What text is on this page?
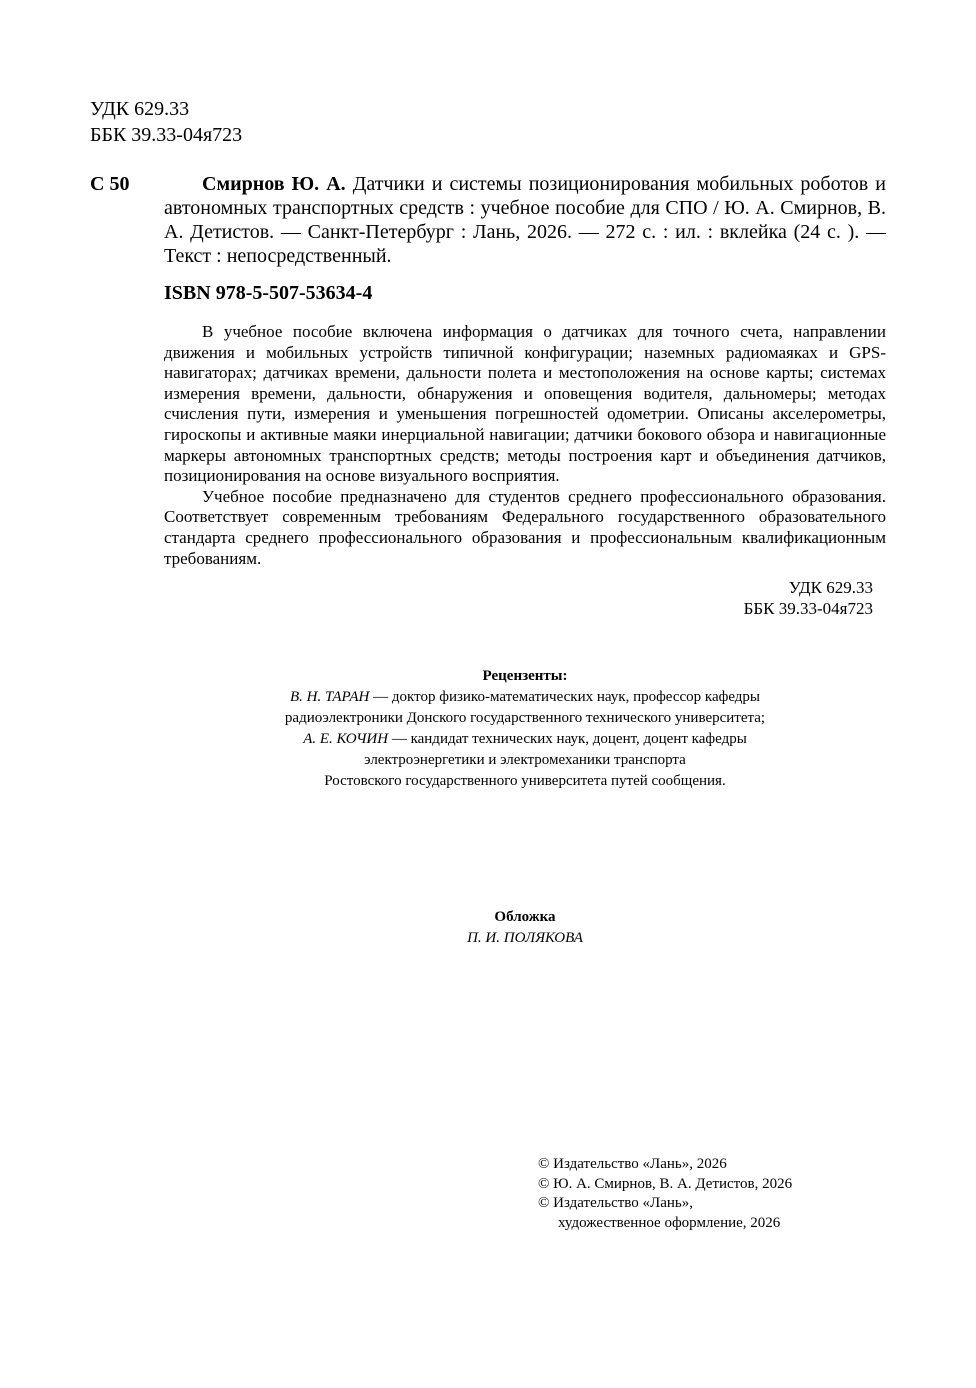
УДК 629.33
ББК 39.33-04я723
С 50	Смирнов Ю. А. Датчики и системы позиционирования мобильных роботов и автономных транспортных средств : учебное пособие для СПО / Ю. А. Смирнов, В. А. Детистов. — Санкт-Петербург : Лань, 2026. — 272 с. : ил. : вклейка (24 с. ). — Текст : непосредственный.
ISBN 978-5-507-53634-4

В учебное пособие включена информация о датчиках для точного счета, направлении движения и мобильных устройств типичной конфигурации; наземных радиомаяках и GPS-навигаторах; датчиках времени, дальности полета и местоположения на основе карты; системах измерения времени, дальности, обнаружения и оповещения водителя, дальномеры; методах счисления пути, измерения и уменьшения погрешностей одометрии. Описаны акселерометры, гироскопы и активные маяки инерциальной навигации; датчики бокового обзора и навигационные маркеры автономных транспортных средств; методы построения карт и объединения датчиков, позиционирования на основе визуального восприятия.

Учебное пособие предназначено для студентов среднего профессионального образования. Соответствует современным требованиям Федерального государственного образовательного стандарта среднего профессионального образования и профессиональным квалификационным требованиям.

УДК 629.33
ББК 39.33-04я723
Рецензенты:
В. Н. ТАРАН — доктор физико-математических наук, профессор кафедры
радиоэлектроники Донского государственного технического университета;
А. Е. КОЧИН — кандидат технических наук, доцент, доцент кафедры
электроэнергетики и электромеханики транспорта
Ростовского государственного университета путей сообщения.
Обложка
П. И. ПОЛЯКОВА
© Издательство «Лань», 2026
© Ю. А. Смирнов, В. А. Детистов, 2026
© Издательство «Лань»,
художественное оформление, 2026
